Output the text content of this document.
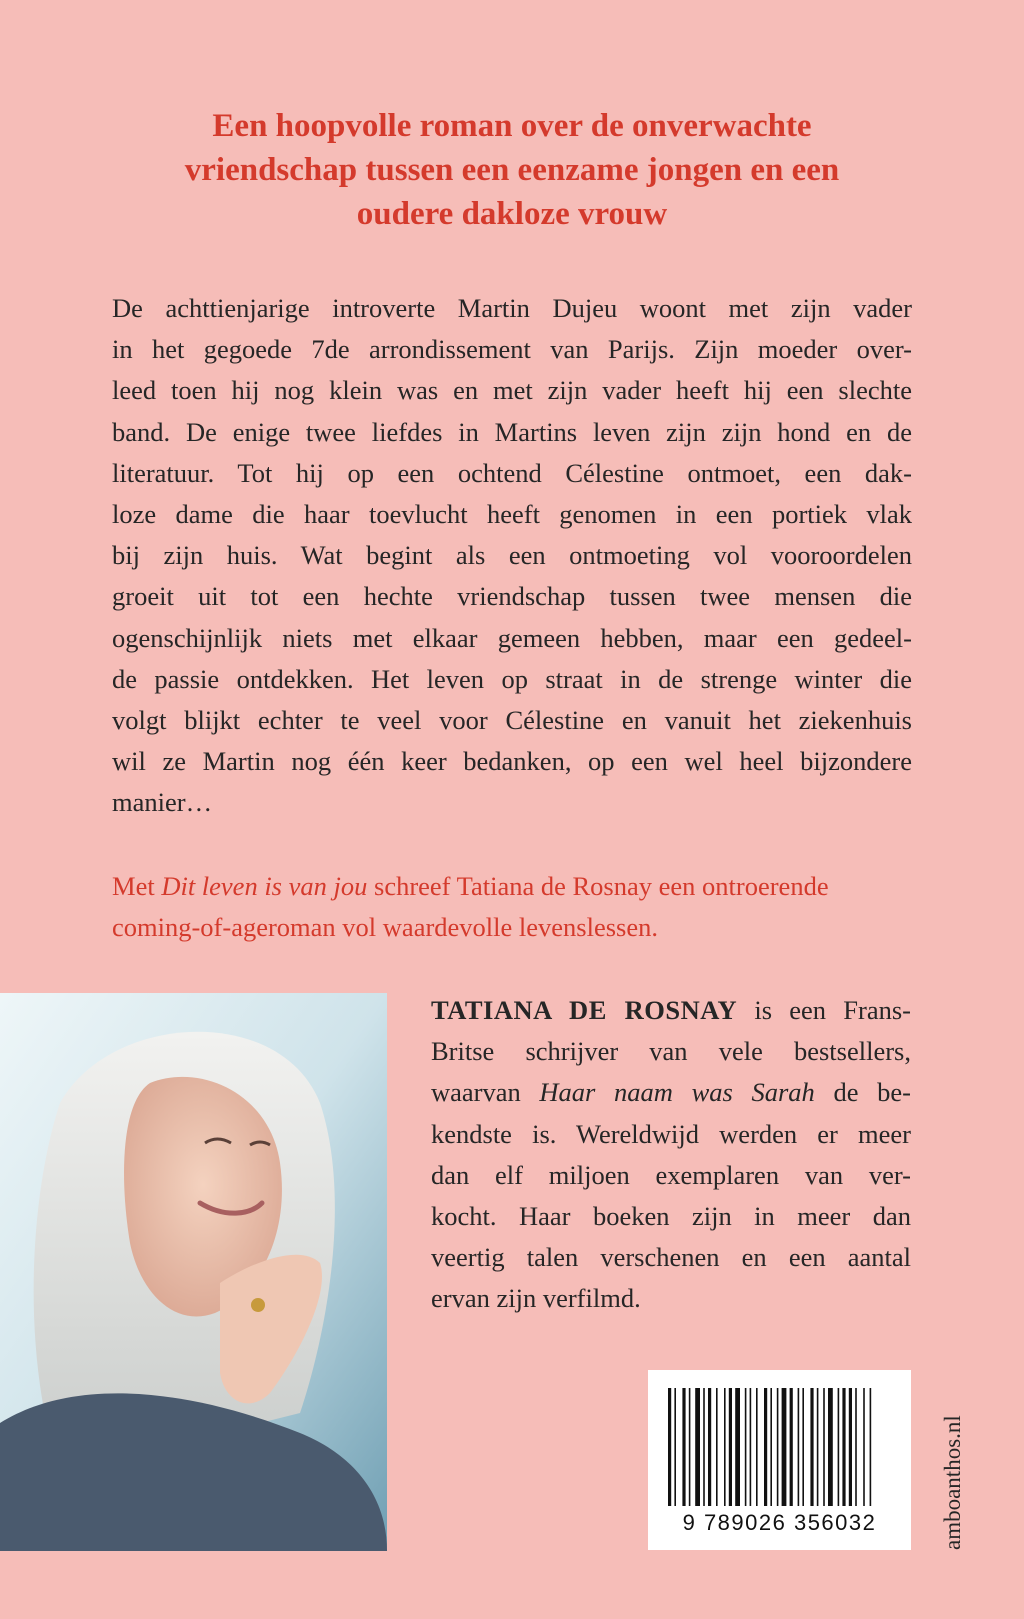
Een hoopvolle roman over de onverwachte
vriendschap tussen een eenzame jongen en een
oudere dakloze vrouw
De achttienjarige introverte Martin Dujeu woont met zijn vader
in het gegoede 7de arrondissement van Parijs. Zijn moeder over-
leed toen hij nog klein was en met zijn vader heeft hij een slechte
band. De enige twee liefdes in Martins leven zijn zijn hond en de
literatuur. Tot hij op een ochtend Célestine ontmoet, een dak-
loze dame die haar toevlucht heeft genomen in een portiek vlak
bij zijn huis. Wat begint als een ontmoeting vol vooroordelen
groeit uit tot een hechte vriendschap tussen twee mensen die
ogenschijnlijk niets met elkaar gemeen hebben, maar een gedeel-
de passie ontdekken. Het leven op straat in de strenge winter die
volgt blijkt echter te veel voor Célestine en vanuit het ziekenhuis
wil ze Martin nog één keer bedanken, op een wel heel bijzondere
manier…
Met Dit leven is van jou schreef Tatiana de Rosnay een ontroerende
coming-of-ageroman vol waardevolle levenslessen.
TATIANA DE ROSNAY is een Frans-
Britse schrijver van vele bestsellers,
waarvan Haar naam was Sarah de be-
kendste is. Wereldwijd werden er meer
dan elf miljoen exemplaren van ver-
kocht. Haar boeken zijn in meer dan
veertig talen verschenen en een aantal
ervan zijn verfilmd.
9 789026 356032	amboanthos.nl
